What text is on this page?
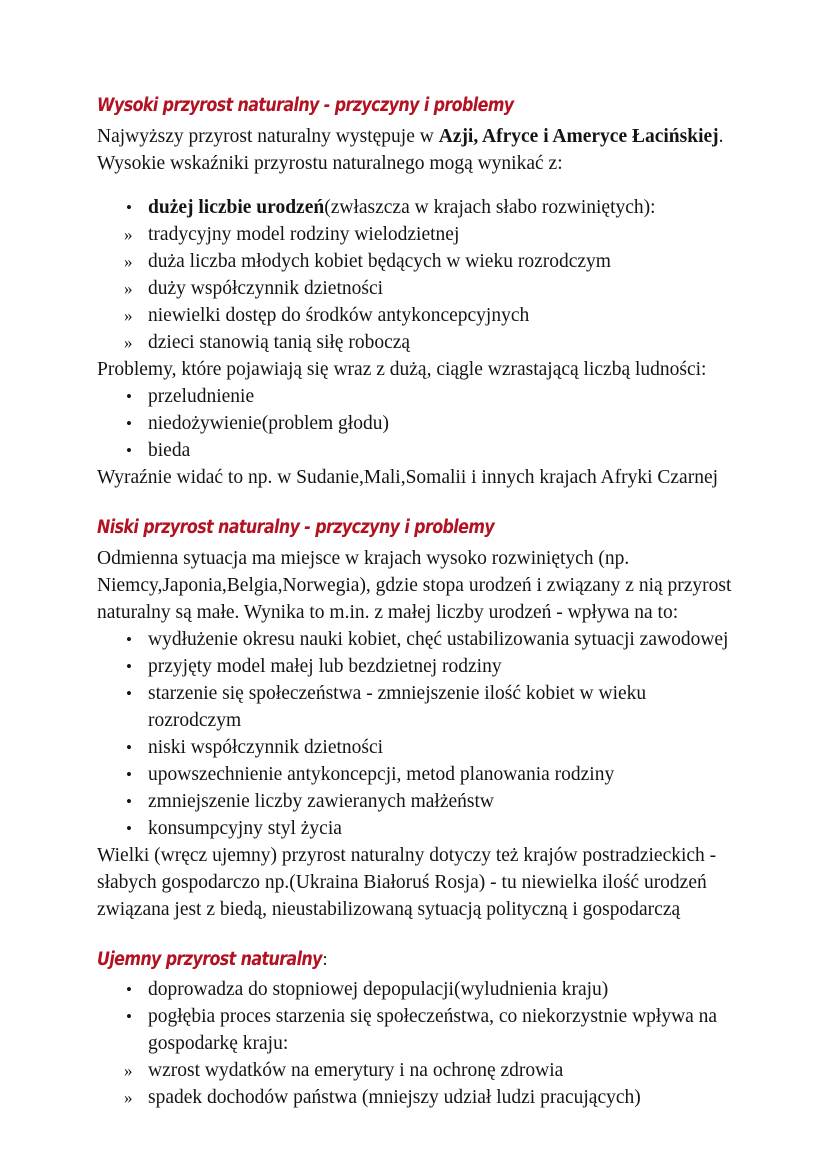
Wysoki przyrost naturalny - przyczyny i problemy

Najwyższy przyrost naturalny występuje w Azji, Afryce i Ameryce Łacińskiej. Wysokie wskaźniki przyrostu naturalnego mogą wynikać z:

• dużej liczbie urodzeń(zwłaszcza w krajach słabo rozwiniętych):
» tradycyjny model rodziny wielodzietnej
» duża liczba młodych kobiet będących w wieku rozrodczym
» duży współczynnik dzietności
» niewielki dostęp do środków antykoncepcyjnych
» dzieci stanowią tanią siłę roboczą

Problemy, które pojawiają się wraz z dużą, ciągle wzrastającą liczbą ludności:

• przeludnienie
• niedożywienie(problem głodu)
• bieda

Wyraźnie widać to np. w Sudanie,Mali,Somalii i innych krajach Afryki Czarnej

Niski przyrost naturalny - przyczyny i problemy

Odmienna sytuacja ma miejsce w krajach wysoko rozwiniętych (np. Niemcy,Japonia,Belgia,Norwegia), gdzie stopa urodzeń i związany z nią przyrost naturalny są małe. Wynika to m.in. z małej liczby urodzeń - wpływa na to:

• wydłużenie okresu nauki kobiet, chęć ustabilizowania sytuacji zawodowej
• przyjęty model małej lub bezdzietnej rodziny
• starzenie się społeczeństwa - zmniejszenie ilość kobiet w wieku rozrodczym
• niski współczynnik dzietności
• upowszechnienie antykoncepcji, metod planowania rodziny
• zmniejszenie liczby zawieranych małżeństw
• konsumpcyjny styl życia

Wielki (wręcz ujemny) przyrost naturalny dotyczy też krajów postradzieckich - słabych gospodarczo np.(Ukraina Białoruś Rosja) - tu niewielka ilość urodzeń związana jest z biedą, nieustabilizowaną sytuacją polityczną i gospodarczą

Ujemny przyrost naturalny:
• doprowadza do stopniowej depopulacji(wyludnienia kraju)
• pogłębia proces starzenia się społeczeństwa, co niekorzystnie wpływa na gospodarkę kraju:
» wzrost wydatków na emerytury i na ochronę zdrowia
» spadek dochodów państwa (mniejszy udział ludzi pracujących)
